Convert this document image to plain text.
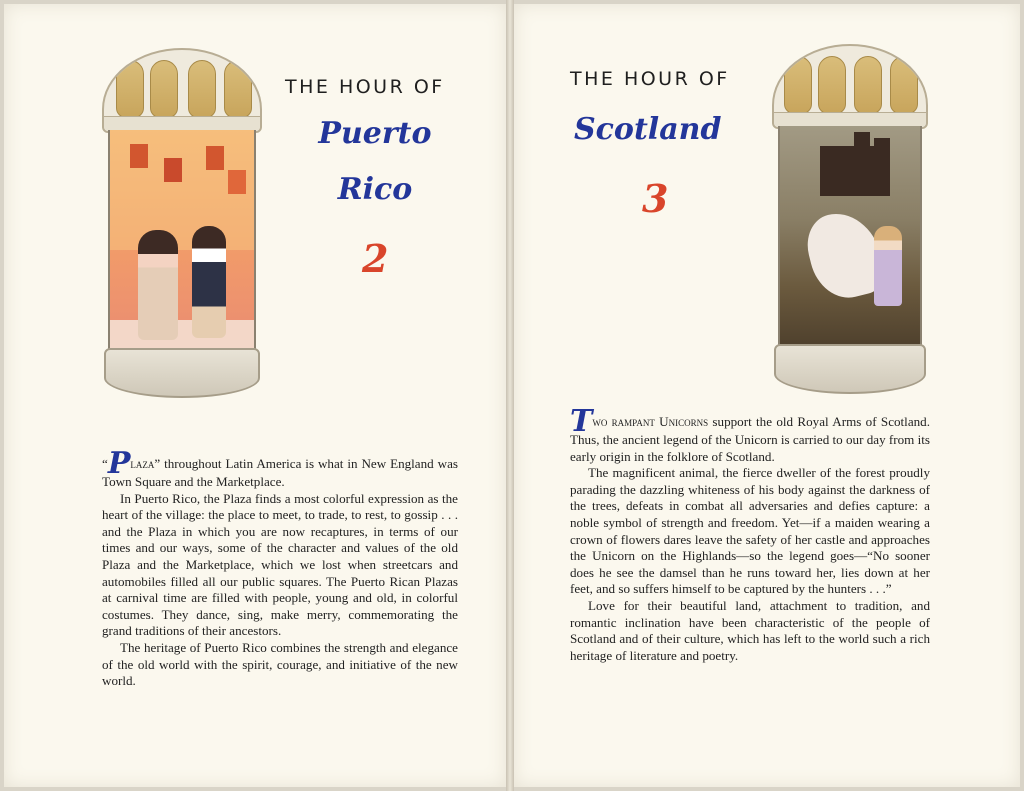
THE HOUR OF
Puerto
Rico
2

“Plaza” throughout Latin America is what in New England was Town Square and the Marketplace.

In Puerto Rico, the Plaza finds a most colorful expression as the heart of the village: the place to meet, to trade, to rest, to gossip . . . and the Plaza in which you are now recaptures, in terms of our times and our ways, some of the character and values of the old Plaza and the Marketplace, which we lost when streetcars and automobiles filled all our public squares. The Puerto Rican Plazas at carnival time are filled with people, young and old, in colorful costumes. They dance, sing, make merry, commemorating the grand traditions of their ancestors.

The heritage of Puerto Rico combines the strength and elegance of the old world with the spirit, courage, and initiative of the new world.

THE HOUR OF
Scotland
3

Two rampant Unicorns support the old Royal Arms of Scotland. Thus, the ancient legend of the Unicorn is carried to our day from its early origin in the folklore of Scotland.

The magnificent animal, the fierce dweller of the forest proudly parading the dazzling whiteness of his body against the darkness of the trees, defeats in combat all adversaries and defies capture: a noble symbol of strength and freedom. Yet—if a maiden wearing a crown of flowers dares leave the safety of her castle and approaches the Unicorn on the Highlands—so the legend goes—“No sooner does he see the damsel than he runs toward her, lies down at her feet, and so suffers himself to be captured by the hunters . . .”

Love for their beautiful land, attachment to tradition, and romantic inclination have been characteristic of the people of Scotland and of their culture, which has left to the world such a rich heritage of literature and poetry.
